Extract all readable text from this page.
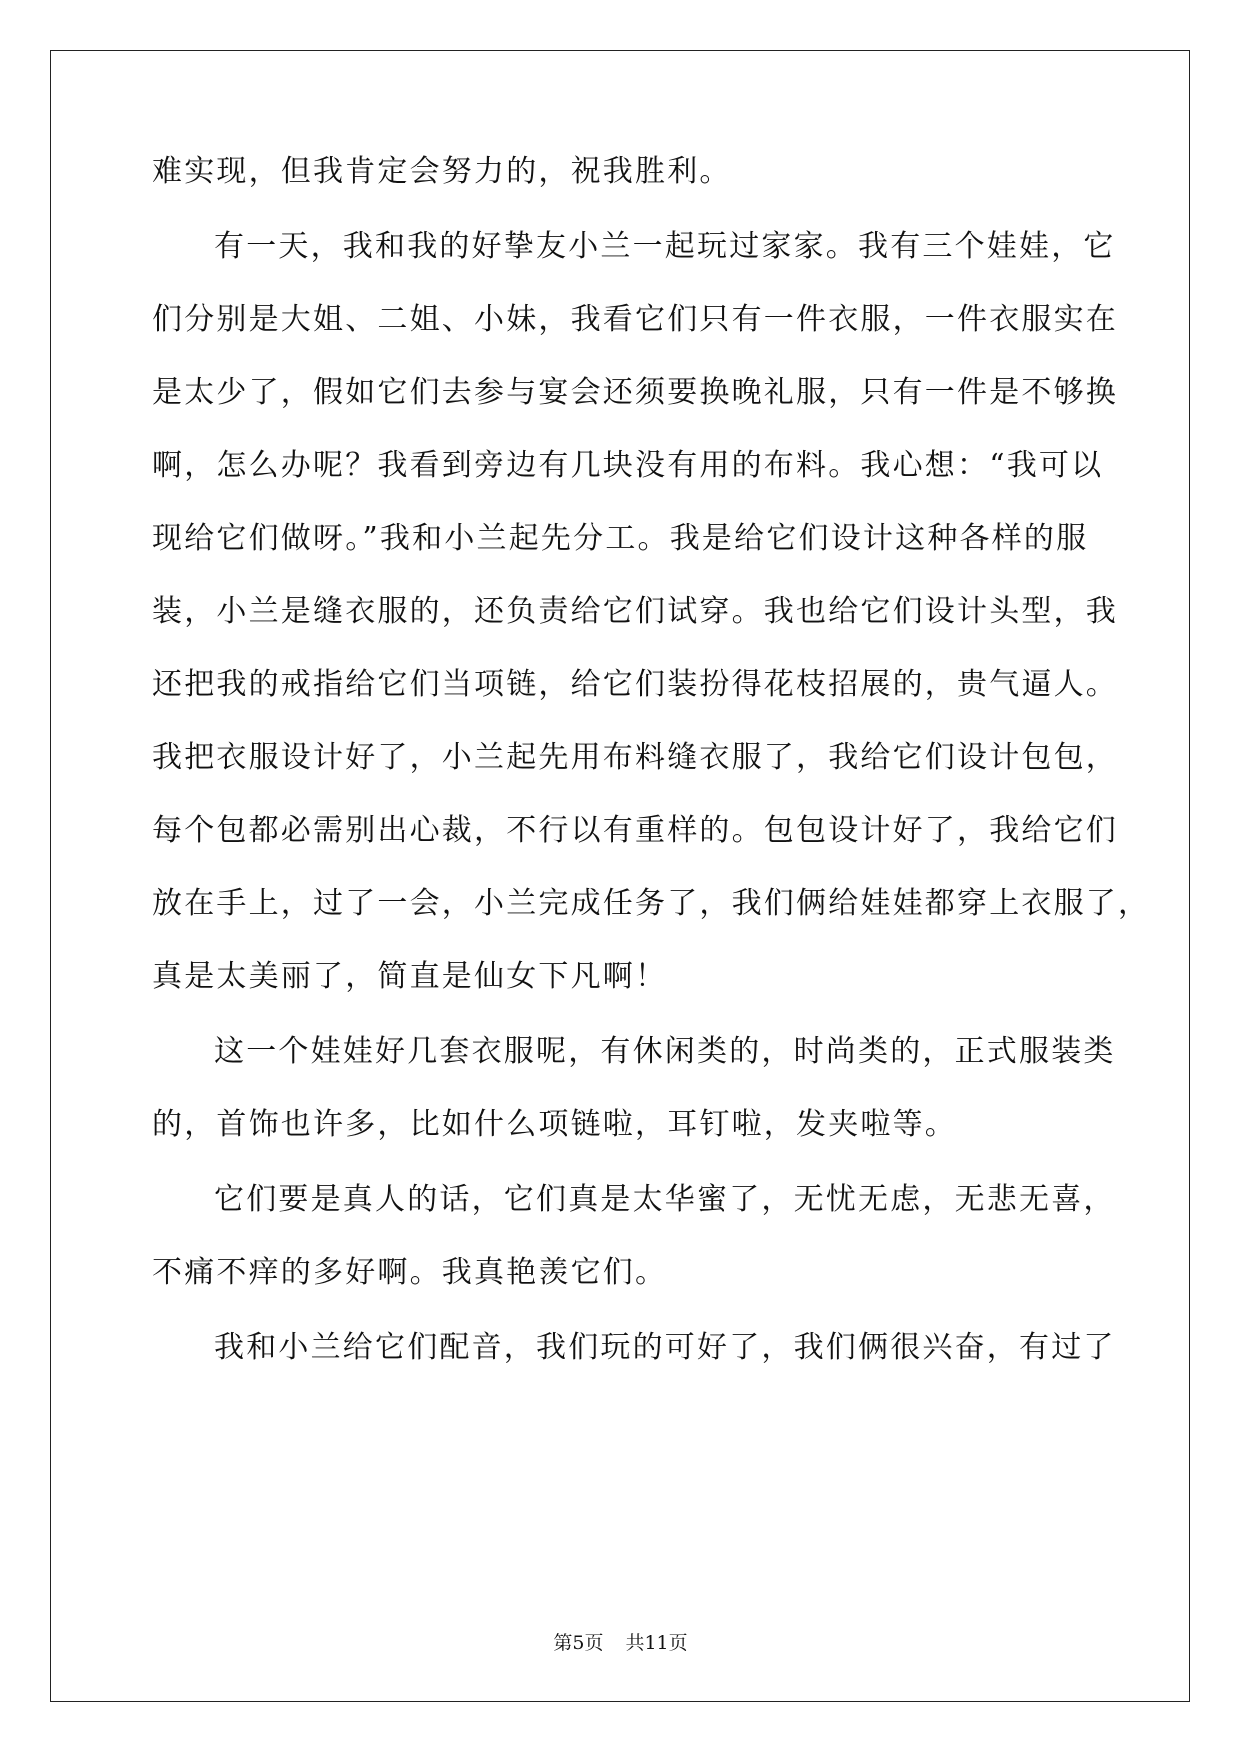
难实现，但我肯定会努力的，祝我胜利。
有一天，我和我的好挚友小兰一起玩过家家。我有三个娃娃，它
们分别是大姐、二姐、小妹，我看它们只有一件衣服，一件衣服实在
是太少了，假如它们去参与宴会还须要换晚礼服，只有一件是不够换
啊，怎么办呢？我看到旁边有几块没有用的布料。我心想：“我可以
现给它们做呀。”我和小兰起先分工。我是给它们设计这种各样的服
装，小兰是缝衣服的，还负责给它们试穿。我也给它们设计头型，我
还把我的戒指给它们当项链，给它们装扮得花枝招展的，贵气逼人。
我把衣服设计好了，小兰起先用布料缝衣服了，我给它们设计包包，
每个包都必需别出心裁，不行以有重样的。包包设计好了，我给它们
放在手上，过了一会，小兰完成任务了，我们俩给娃娃都穿上衣服了，
真是太美丽了，简直是仙女下凡啊！
这一个娃娃好几套衣服呢，有休闲类的，时尚类的，正式服装类
的，首饰也许多，比如什么项链啦，耳钉啦，发夹啦等。
它们要是真人的话，它们真是太华蜜了，无忧无虑，无悲无喜，
不痛不痒的多好啊。我真艳羡它们。
我和小兰给它们配音，我们玩的可好了，我们俩很兴奋，有过了
第5页 共11页
